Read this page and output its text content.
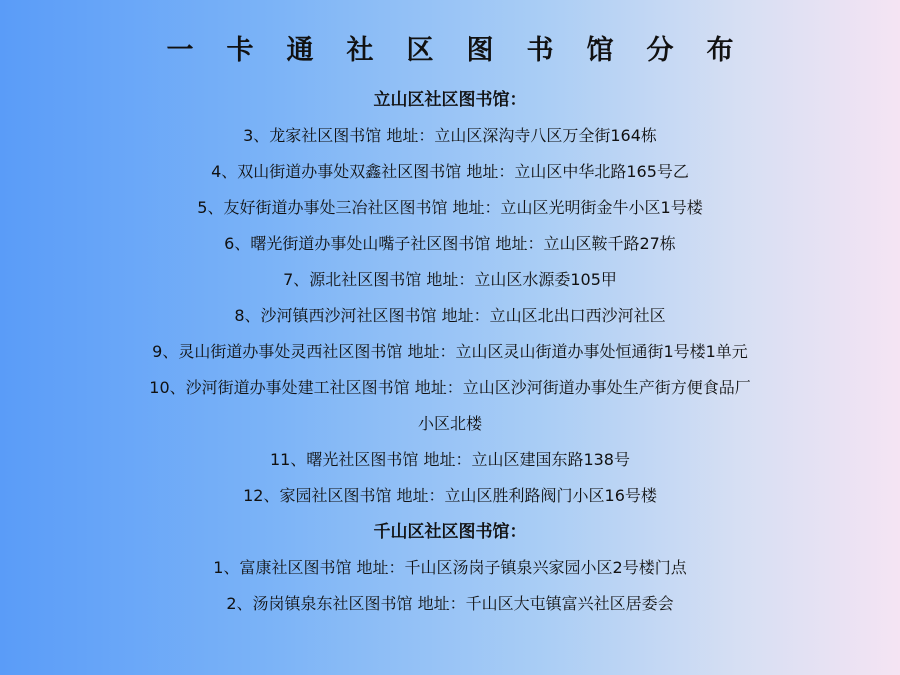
一卡通社区图书馆分布
立山区社区图书馆：
3、龙家社区图书馆 地址：立山区深沟寺八区万全街164栋
4、双山街道办事处双鑫社区图书馆 地址：立山区中华北路165号乙
5、友好街道办事处三冶社区图书馆 地址：立山区光明街金牛小区1号楼
6、曙光街道办事处山嘴子社区图书馆 地址：立山区鞍千路27栋
7、源北社区图书馆 地址：立山区水源委105甲
8、沙河镇西沙河社区图书馆 地址：立山区北出口西沙河社区
9、灵山街道办事处灵西社区图书馆 地址：立山区灵山街道办事处恒通街1号楼1单元
10、沙河街道办事处建工社区图书馆 地址：立山区沙河街道办事处生产街方便食品厂
小区北楼
11、曙光社区图书馆 地址：立山区建国东路138号
12、家园社区图书馆 地址：立山区胜利路阀门小区16号楼
千山区社区图书馆：
1、富康社区图书馆 地址：千山区汤岗子镇泉兴家园小区2号楼门点
2、汤岗镇泉东社区图书馆 地址：千山区大屯镇富兴社区居委会
